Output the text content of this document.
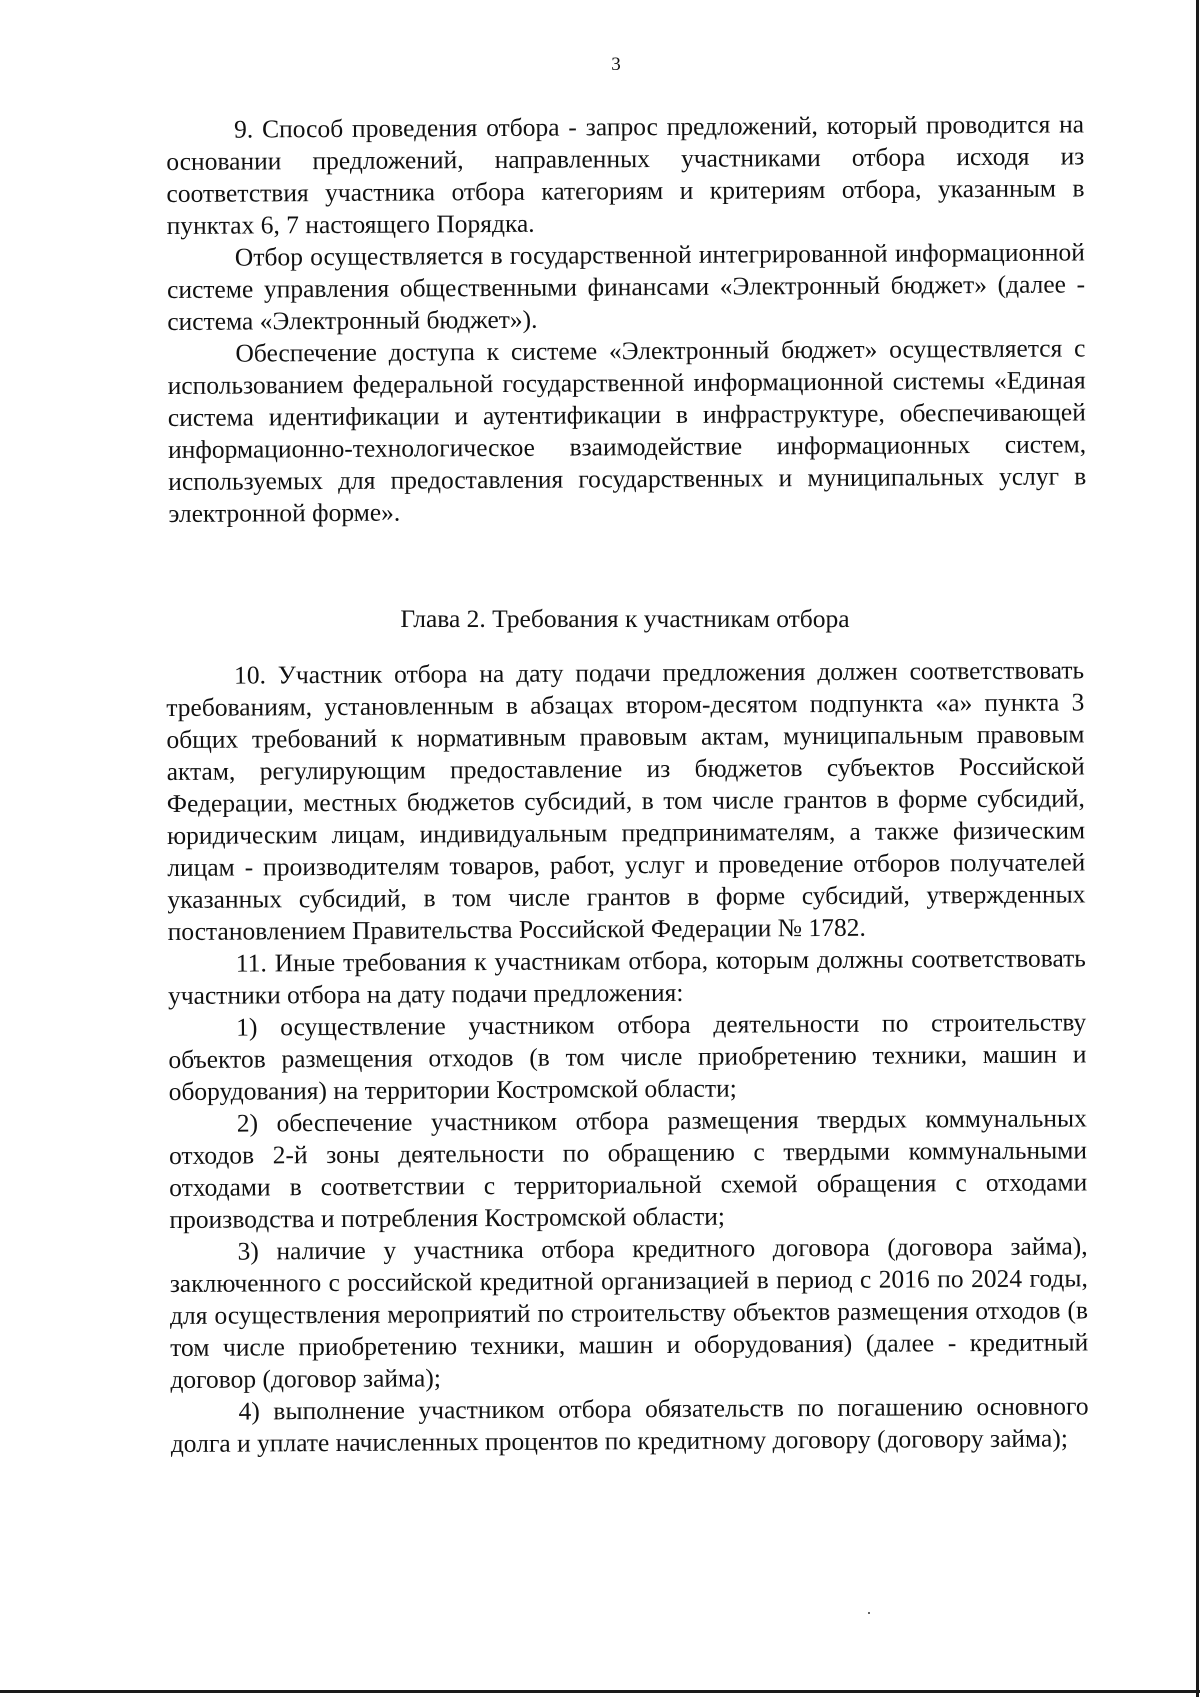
3

9. Способ проведения отбора - запрос предложений, который проводится на основании предложений, направленных участниками отбора исходя из соответствия участника отбора категориям и критериям отбора, указанным в пунктах 6, 7 настоящего Порядка.

Отбор осуществляется в государственной интегрированной информационной системе управления общественными финансами «Электронный бюджет» (далее - система «Электронный бюджет»).

Обеспечение доступа к системе «Электронный бюджет» осуществляется с использованием федеральной государственной информационной системы «Единая система идентификации и аутентификации в инфраструктуре, обеспечивающей информационно-технологическое взаимодействие информационных систем, используемых для предоставления государственных и муниципальных услуг в электронной форме».

Глава 2. Требования к участникам отбора

10. Участник отбора на дату подачи предложения должен соответствовать требованиям, установленным в абзацах втором-десятом подпункта «а» пункта 3 общих требований к нормативным правовым актам, муниципальным правовым актам, регулирующим предоставление из бюджетов субъектов Российской Федерации, местных бюджетов субсидий, в том числе грантов в форме субсидий, юридическим лицам, индивидуальным предпринимателям, а также физическим лицам - производителям товаров, работ, услуг и проведение отборов получателей указанных субсидий, в том числе грантов в форме субсидий, утвержденных постановлением Правительства Российской Федерации № 1782.

11. Иные требования к участникам отбора, которым должны соответствовать участники отбора на дату подачи предложения:

1) осуществление участником отбора деятельности по строительству объектов размещения отходов (в том числе приобретению техники, машин и оборудования) на территории Костромской области;

2) обеспечение участником отбора размещения твердых коммунальных отходов 2-й зоны деятельности по обращению с твердыми коммунальными отходами в соответствии с территориальной схемой обращения с отходами производства и потребления Костромской области;

3) наличие у участника отбора кредитного договора (договора займа), заключенного с российской кредитной организацией в период с 2016 по 2024 годы, для осуществления мероприятий по строительству объектов размещения отходов (в том числе приобретению техники, машин и оборудования) (далее - кредитный договор (договор займа);

4) выполнение участником отбора обязательств по погашению основного долга и уплате начисленных процентов по кредитному договору (договору займа);
